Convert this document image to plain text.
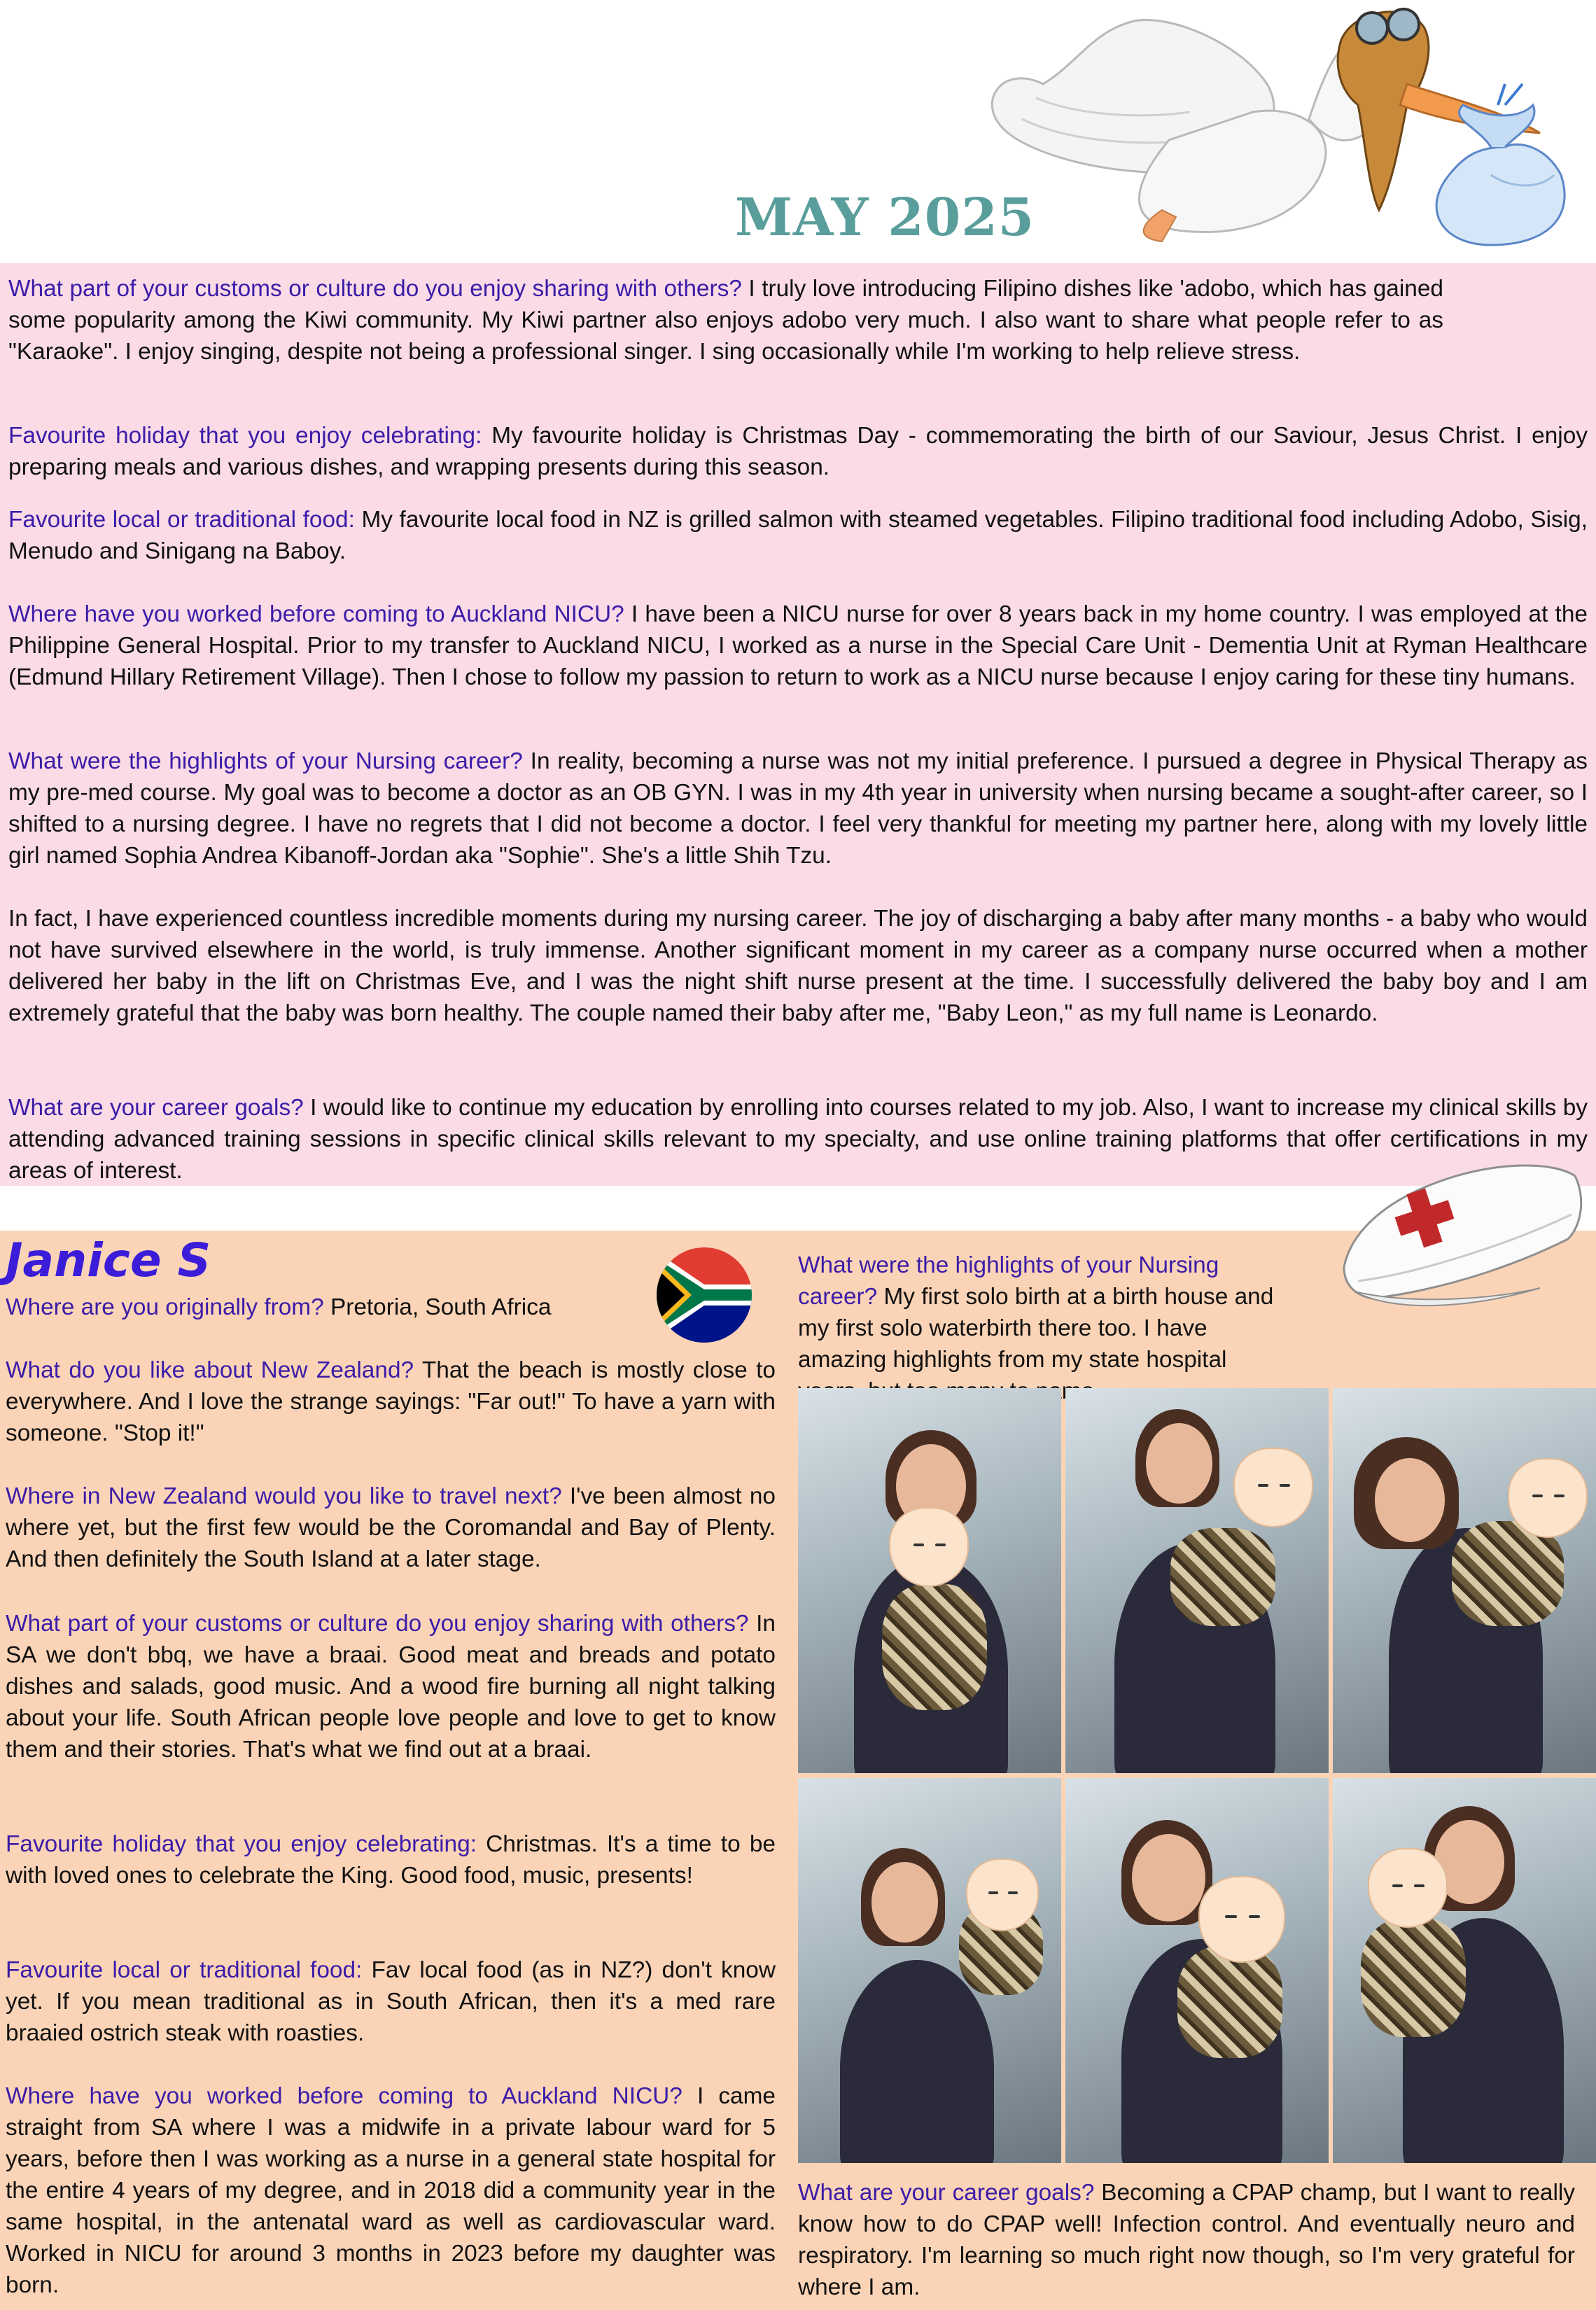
MAY 2025

What part of your customs or culture do you enjoy sharing with others? I truly love introducing Filipino dishes like 'adobo, which has gained some popularity among the Kiwi community. My Kiwi partner also enjoys adobo very much. I also want to share what people refer to as "Karaoke". I enjoy singing, despite not being a professional singer. I sing occasionally while I'm working to help relieve stress.

Favourite holiday that you enjoy celebrating: My favourite holiday is Christmas Day - commemorating the birth of our Saviour, Jesus Christ. I enjoy preparing meals and various dishes, and wrapping presents during this season.

Favourite local or traditional food: My favourite local food in NZ is grilled salmon with steamed vegetables. Filipino traditional food including Adobo, Sisig, Menudo and Sinigang na Baboy.

Where have you worked before coming to Auckland NICU? I have been a NICU nurse for over 8 years back in my home country. I was employed at the Philippine General Hospital. Prior to my transfer to Auckland NICU, I worked as a nurse in the Special Care Unit - Dementia Unit at Ryman Healthcare (Edmund Hillary Retirement Village). Then I chose to follow my passion to return to work as a NICU nurse because I enjoy caring for these tiny humans.

What were the highlights of your Nursing career? In reality, becoming a nurse was not my initial preference. I pursued a degree in Physical Therapy as my pre-med course. My goal was to become a doctor as an OB GYN. I was in my 4th year in university when nursing became a sought-after career, so I shifted to a nursing degree. I have no regrets that I did not become a doctor. I feel very thankful for meeting my partner here, along with my lovely little girl named Sophia Andrea Kibanoff-Jordan aka "Sophie". She's a little Shih Tzu.

In fact, I have experienced countless incredible moments during my nursing career. The joy of discharging a baby after many months - a baby who would not have survived elsewhere in the world, is truly immense. Another significant moment in my career as a company nurse occurred when a mother delivered her baby in the lift on Christmas Eve, and I was the night shift nurse present at the time. I successfully delivered the baby boy and I am extremely grateful that the baby was born healthy. The couple named their baby after me, "Baby Leon," as my full name is Leonardo.

What are your career goals? I would like to continue my education by enrolling into courses related to my job. Also, I want to increase my clinical skills by attending advanced training sessions in specific clinical skills relevant to my specialty, and use online training platforms that offer certifications in my areas of interest.

Janice S

Where are you originally from? Pretoria, South Africa

What do you like about New Zealand? That the beach is mostly close to everywhere. And I love the strange sayings: "Far out!" To have a yarn with someone. "Stop it!"

Where in New Zealand would you like to travel next? I've been almost no where yet, but the first few would be the Coromandal and Bay of Plenty. And then definitely the South Island at a later stage.

What part of your customs or culture do you enjoy sharing with others? In SA we don't bbq, we have a braai. Good meat and breads and potato dishes and salads, good music. And a wood fire burning all night talking about your life. South African people love people and love to get to know them and their stories. That's what we find out at a braai.

Favourite holiday that you enjoy celebrating: Christmas. It's a time to be with loved ones to celebrate the King. Good food, music, presents!

Favourite local or traditional food: Fav local food (as in NZ?) don't know yet. If you mean traditional as in South African, then it's a med rare braaied ostrich steak with roasties.

Where have you worked before coming to Auckland NICU? I came straight from SA where I was a midwife in a private labour ward for 5 years, before then I was working as a nurse in a general state hospital for the entire 4 years of my degree, and in 2018 did a community year in the same hospital, in the antenatal ward as well as cardiovascular ward. Worked in NICU for around 3 months in 2023 before my daughter was born.

What were the highlights of your Nursing career? My first solo birth at a birth house and my first solo waterbirth there too. I have amazing highlights from my state hospital

What are your career goals? Becoming a CPAP champ, but I want to really know how to do CPAP well! Infection control. And eventually neuro and respiratory. I'm learning so much right now though, so I'm very grateful for where I am.
